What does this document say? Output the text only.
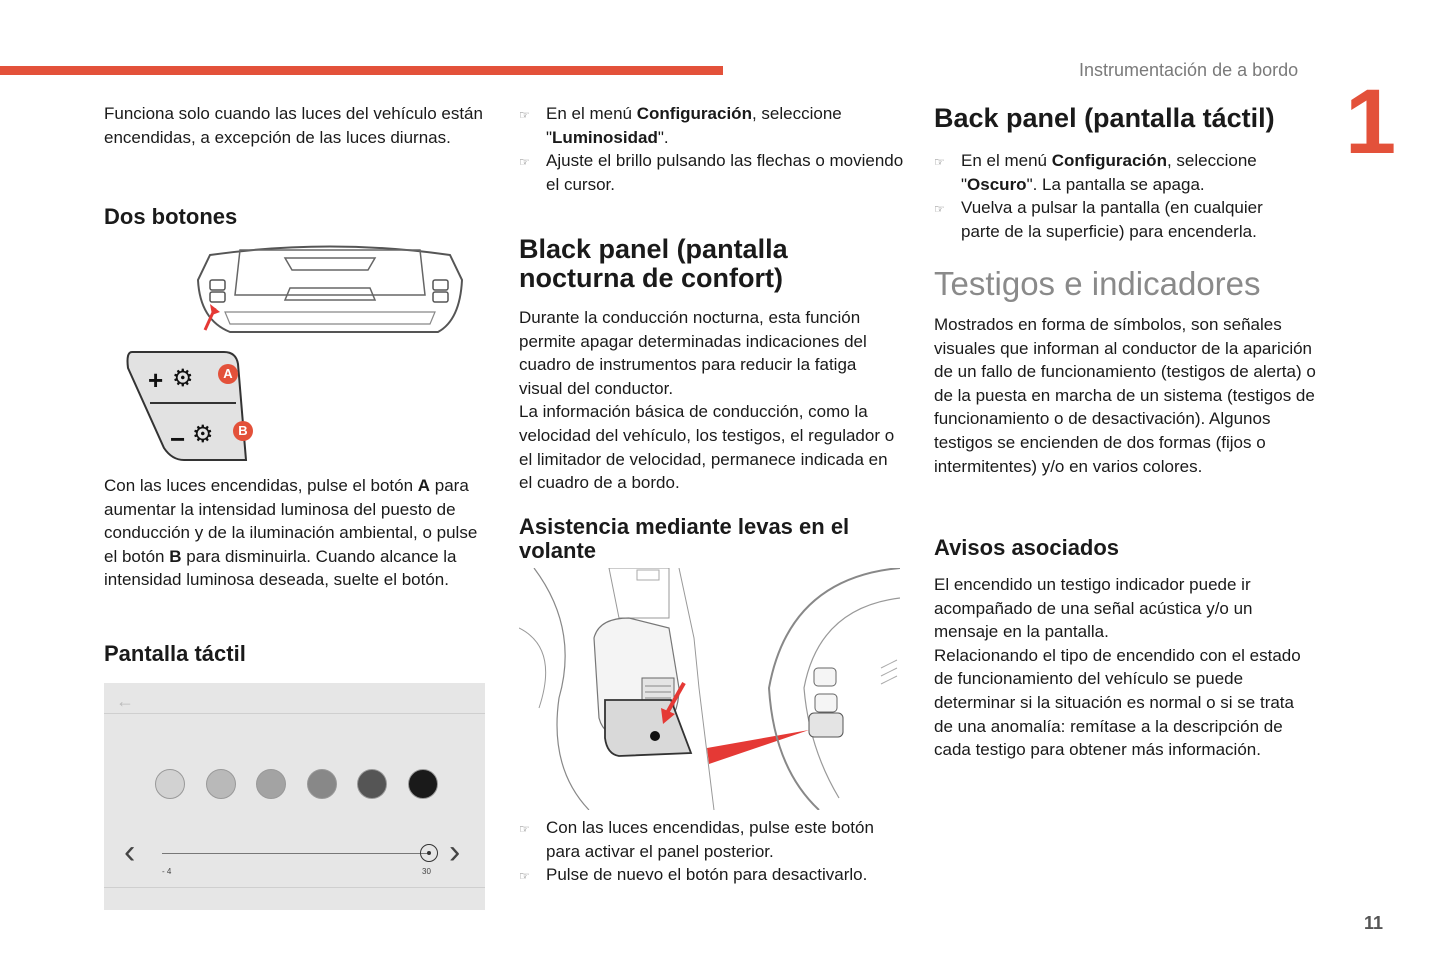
Instrumentación de a bordo
1
11

Funciona solo cuando las luces del vehículo están encendidas, a excepción de las luces diurnas.

Dos botones
+ ⚙
− ⚙
A
B

Con las luces encendidas, pulse el botón A para aumentar la intensidad luminosa del puesto de conducción y de la iluminación ambiental, o pulse el botón B para disminuirla. Cuando alcance la intensidad luminosa deseada, suelte el botón.

Pantalla táctil
←
‹	›
- 4	30
☞ En el menú Configuración, seleccione "Luminosidad".
☞ Ajuste el brillo pulsando las flechas o moviendo el cursor.
Black panel (pantalla nocturna de confort)

Durante la conducción nocturna, esta función permite apagar determinadas indicaciones del cuadro de instrumentos para reducir la fatiga visual del conductor.

La información básica de conducción, como la velocidad del vehículo, los testigos, el regulador o el limitador de velocidad, permanece indicada en el cuadro de a bordo.

Asistencia mediante levas en el volante
☞ Con las luces encendidas, pulse este botón para activar el panel posterior.
☞ Pulse de nuevo el botón para desactivarlo.
Back panel (pantalla táctil)
☞ En el menú Configuración, seleccione "Oscuro". La pantalla se apaga.
☞ Vuelva a pulsar la pantalla (en cualquier parte de la superficie) para encenderla.
Testigos e indicadores

Mostrados en forma de símbolos, son señales visuales que informan al conductor de la aparición de un fallo de funcionamiento (testigos de alerta) o de la puesta en marcha de un sistema (testigos de funcionamiento o de desactivación). Algunos testigos se encienden de dos formas (fijos o intermitentes) y/o en varios colores.

Avisos asociados

El encendido un testigo indicador puede ir acompañado de una señal acústica y/o un mensaje en la pantalla.

Relacionando el tipo de encendido con el estado de funcionamiento del vehículo se puede determinar si la situación es normal o si se trata de una anomalía: remítase a la descripción de cada testigo para obtener más información.
